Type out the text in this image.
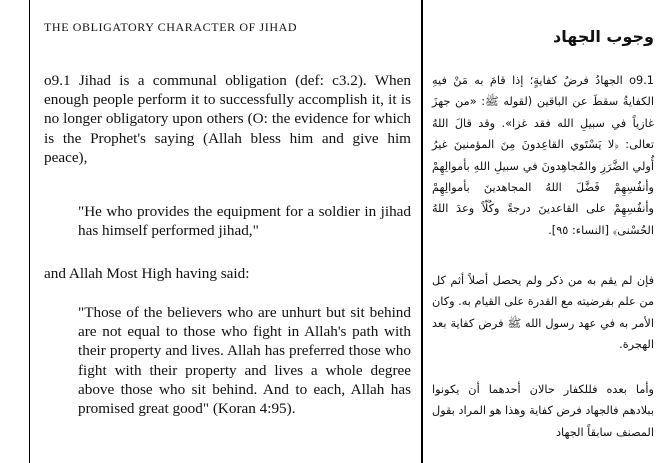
THE OBLIGATORY CHARACTER OF JIHAD

o9.1 Jihad is a communal obligation (def: c3.2). When enough people perform it to successfully accomplish it, it is no longer obligatory upon others (O: the evidence for which is the Prophet's saying (Allah bless him and give him peace),

"He who provides the equipment for a soldier in jihad has himself performed jihad,"

and Allah Most High having said:

"Those of the believers who are unhurt but sit behind are not equal to those who fight in Allah's path with their property and lives. Allah has preferred those who fight with their property and lives a whole degree above those who sit behind. And to each, Allah has promised great good" (Koran 4:95).

وجوب الجهاد

o9.1 الجهادُ فرضُ كفايةٍ؛ إذا قامَ به مَنْ فيهِ الكفايةُ سقطَ عن الباقين (لقوله ﷺ: «من جهزَ غازياً في سبيلِ الله فقد غزا». وقد قالَ اللهُ تعالى: ﴿لا يَسْتَوي القاعِدونَ مِنَ المؤمنينَ غيرُ أُولي الضَّرَرِ والمُجاهِدونَ في سبيلِ اللهِ بأموالِهِمْ وأنفُسِهِمْ فَضَّلَ اللهُ المجاهدينَ بأموالِهِمْ وأنفُسِهِمْ على القاعدينَ درجةً وكُلّاً وعدَ اللهُ الحُسْنى﴾ [النساء: ٩٥].

فإن لم يقم به من ذكر ولم يحصل أصلاً أثم كل من علم بفرضيته مع القدرة على القيام به. وكان الأمر به في عهد رسول الله ﷺ فرض كفاية بعد الهجرة.

وأما بعده فللكفار حالان أحدهما أن يكونوا ببلادهم فالجهاد فرض كفاية وهذا هو المراد بقول المصنف سابقاً الجهاد
